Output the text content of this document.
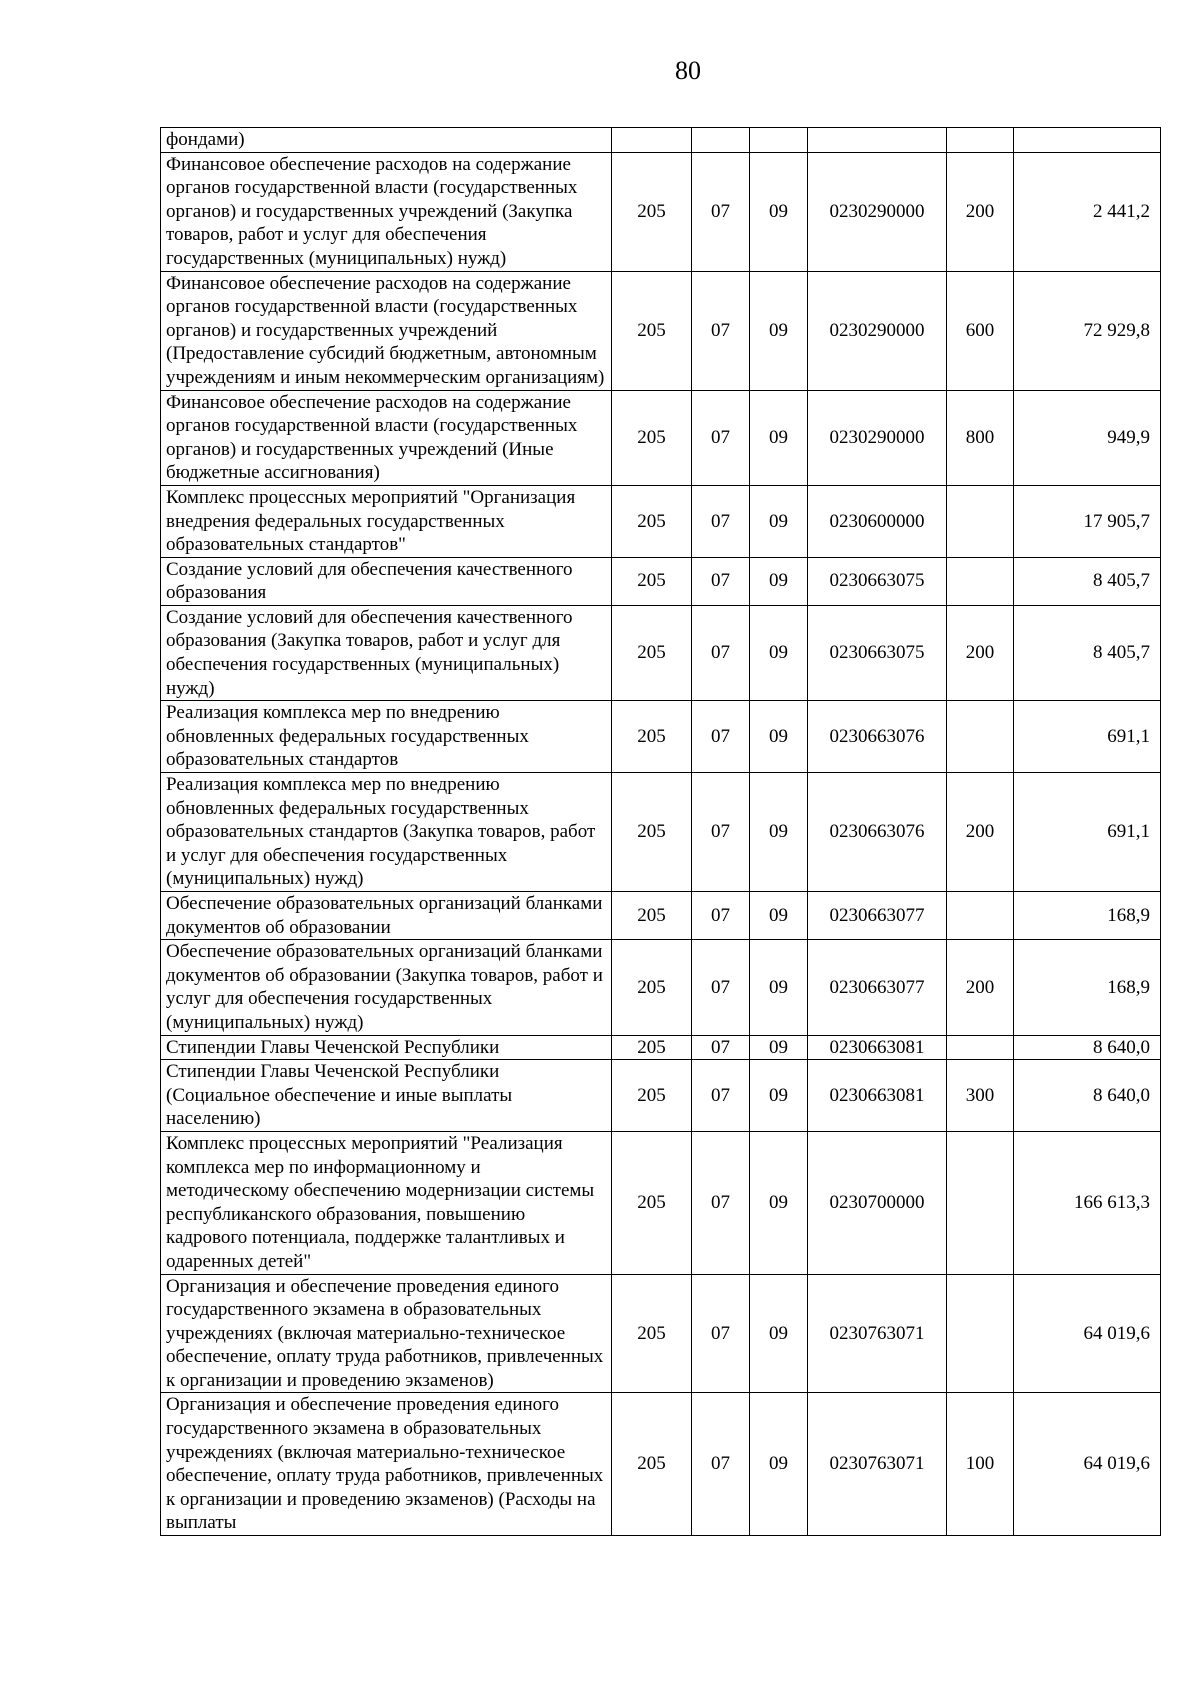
80
фондами)						
Финансовое обеспечение расходов на содержание органов государственной власти (государственных органов) и государственных учреждений (Закупка товаров, работ и услуг для обеспечения государственных (муниципальных) нужд)	205	07	09	0230290000	200	2 441,2
Финансовое обеспечение расходов на содержание органов государственной власти (государственных органов) и государственных учреждений (Предоставление субсидий бюджетным, автономным учреждениям и иным некоммерческим организациям)	205	07	09	0230290000	600	72 929,8
Финансовое обеспечение расходов на содержание органов государственной власти (государственных органов) и государственных учреждений (Иные бюджетные ассигнования)	205	07	09	0230290000	800	949,9
Комплекс процессных мероприятий "Организация внедрения федеральных государственных образовательных стандартов"	205	07	09	0230600000		17 905,7
Создание условий для обеспечения качественного образования	205	07	09	0230663075		8 405,7
Создание условий для обеспечения качественного образования (Закупка товаров, работ и услуг для обеспечения государственных (муниципальных) нужд)	205	07	09	0230663075	200	8 405,7
Реализация комплекса мер по внедрению обновленных федеральных государственных образовательных стандартов	205	07	09	0230663076		691,1
Реализация комплекса мер по внедрению обновленных федеральных государственных образовательных стандартов (Закупка товаров, работ и услуг для обеспечения государственных (муниципальных) нужд)	205	07	09	0230663076	200	691,1
Обеспечение образовательных организаций бланками документов об образовании	205	07	09	0230663077		168,9
Обеспечение образовательных организаций бланками документов об образовании (Закупка товаров, работ и услуг для обеспечения государственных (муниципальных) нужд)	205	07	09	0230663077	200	168,9
Стипендии Главы Чеченской Республики	205	07	09	0230663081		8 640,0
Стипендии Главы Чеченской Республики (Социальное обеспечение и иные выплаты населению)	205	07	09	0230663081	300	8 640,0
Комплекс процессных мероприятий "Реализация комплекса мер по информационному и методическому обеспечению модернизации системы республиканского образования, повышению кадрового потенциала, поддержке талантливых и одаренных детей"	205	07	09	0230700000		166 613,3
Организация и обеспечение проведения единого государственного экзамена в образовательных учреждениях (включая материально-техническое обеспечение, оплату труда работников, привлеченных к организации и проведению экзаменов)	205	07	09	0230763071		64 019,6
Организация и обеспечение проведения единого государственного экзамена в образовательных учреждениях (включая материально-техническое обеспечение, оплату труда работников, привлеченных к организации и проведению экзаменов) (Расходы на выплаты	205	07	09	0230763071	100	64 019,6
